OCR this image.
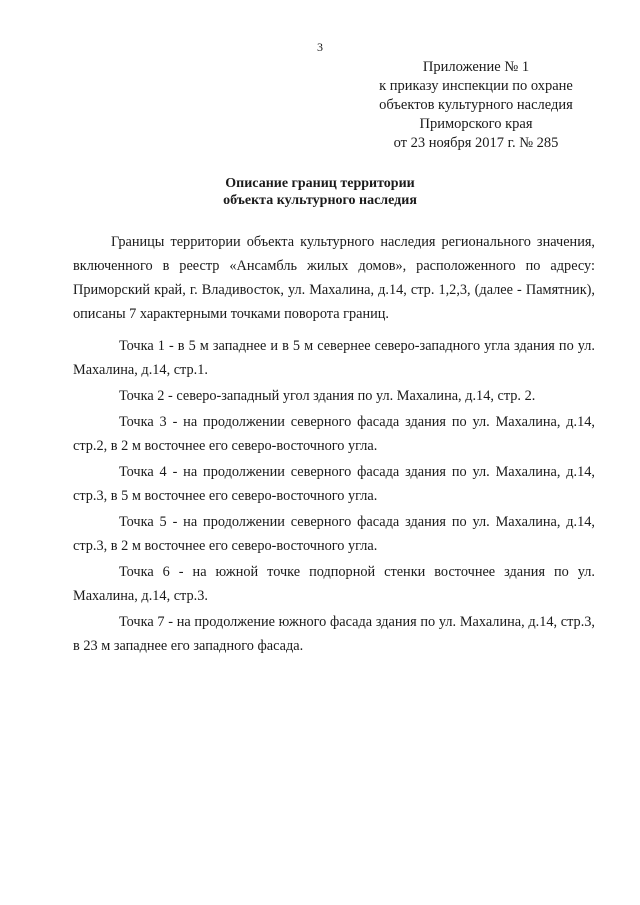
3
Приложение № 1
к приказу инспекции по охране
объектов культурного наследия
Приморского края
от 23 ноября 2017 г. № 285
Описание границ территории
объекта культурного наследия

Границы территории объекта культурного наследия регионального значения, включенного в реестр «Ансамбль жилых домов», расположенного по адресу: Приморский край, г. Владивосток, ул. Махалина, д.14, стр. 1,2,3, (далее - Памятник), описаны 7 характерными точками поворота границ.

Точка 1 - в 5 м западнее и в 5 м севернее северо-западного угла здания по ул. Махалина, д.14, стр.1.

Точка 2 - северо-западный угол здания по ул. Махалина, д.14, стр. 2.

Точка 3 - на продолжении северного фасада здания по ул. Махалина, д.14, стр.2, в 2 м восточнее его северо-восточного угла.

Точка 4 - на продолжении северного фасада здания по ул. Махалина, д.14, стр.3, в 5 м восточнее его северо-восточного угла.

Точка 5 - на продолжении северного фасада здания по ул. Махалина, д.14, стр.3, в 2 м восточнее его северо-восточного угла.

Точка 6 - на южной точке подпорной стенки восточнее здания по ул. Махалина, д.14, стр.3.

Точка 7 - на продолжение южного фасада здания по ул. Махалина, д.14, стр.3, в 23 м западнее его западного фасада.
